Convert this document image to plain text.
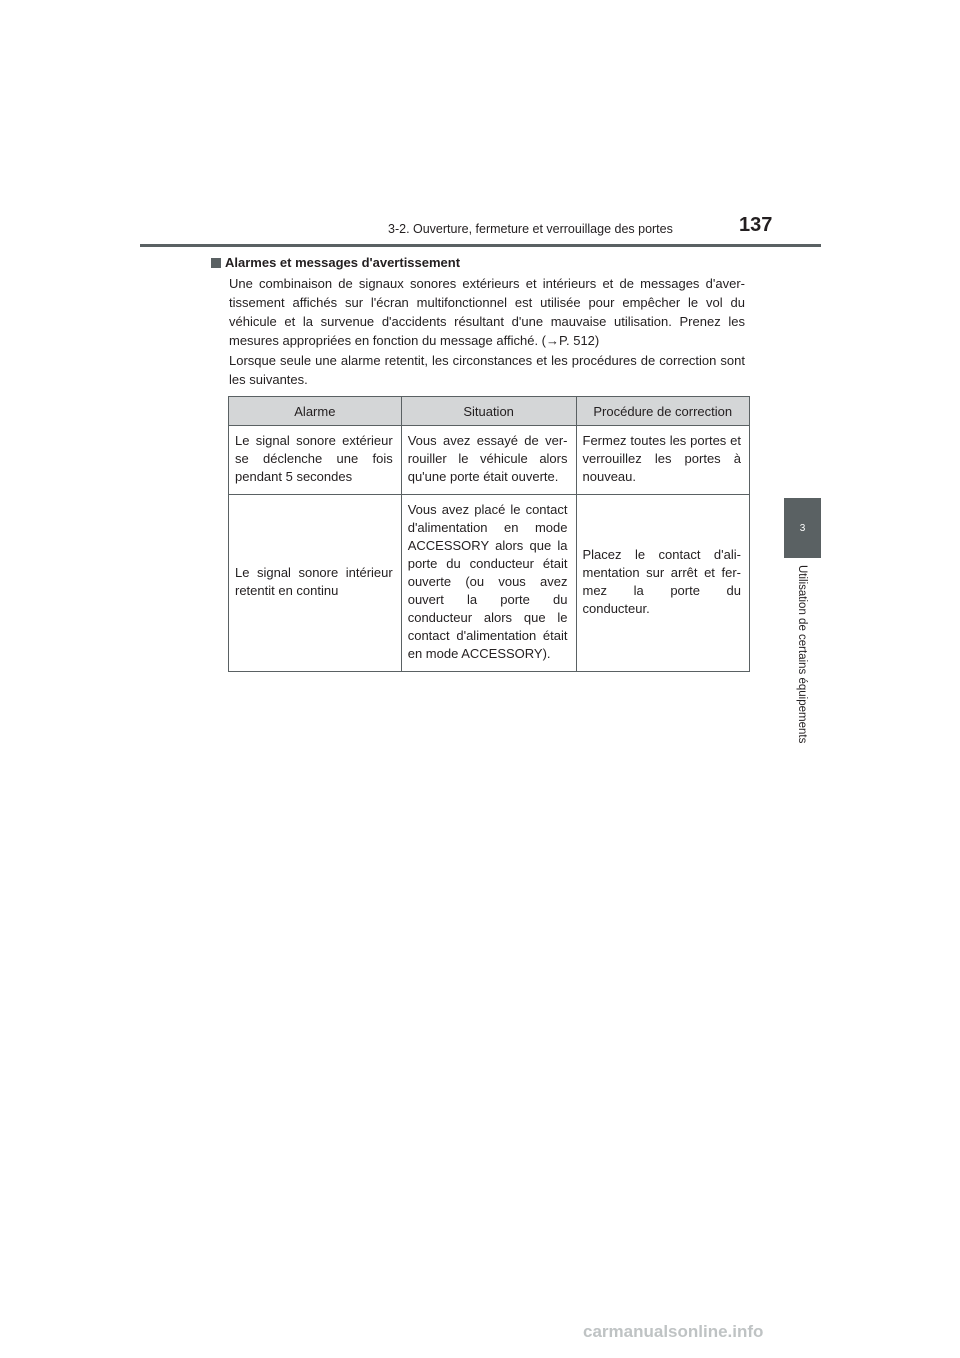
3-2. Ouverture, fermeture et verrouillage des portes	137
3
Utilisation de certains équipements
Alarmes et messages d'avertissement

Une combinaison de signaux sonores extérieurs et intérieurs et de messages d'avertissement affichés sur l'écran multifonctionnel est utilisée pour empêcher le vol du véhicule et la survenue d'accidents résultant d'une mauvaise utilisation. Prenez les mesures appropriées en fonction du message affiché. (→P. 512)

Lorsque seule une alarme retentit, les circonstances et les procédures de correction sont les suivantes.

Alarme	Situation	Procédure de correction
Le signal sonore extérieur se déclenche une fois pendant 5 secondes	Vous avez essayé de verrouiller le véhicule alors qu'une porte était ouverte.	Fermez toutes les portes et verrouillez les portes à nouveau.
Le signal sonore intérieur retentit en continu	Vous avez placé le contact d'alimentation en mode ACCESSORY alors que la porte du conducteur était ouverte (ou vous avez ouvert la porte du conducteur alors que le contact d'alimentation était en mode ACCESSORY).	Placez le contact d'alimentation sur arrêt et fermez la porte du conducteur.
carmanualsonline.info
